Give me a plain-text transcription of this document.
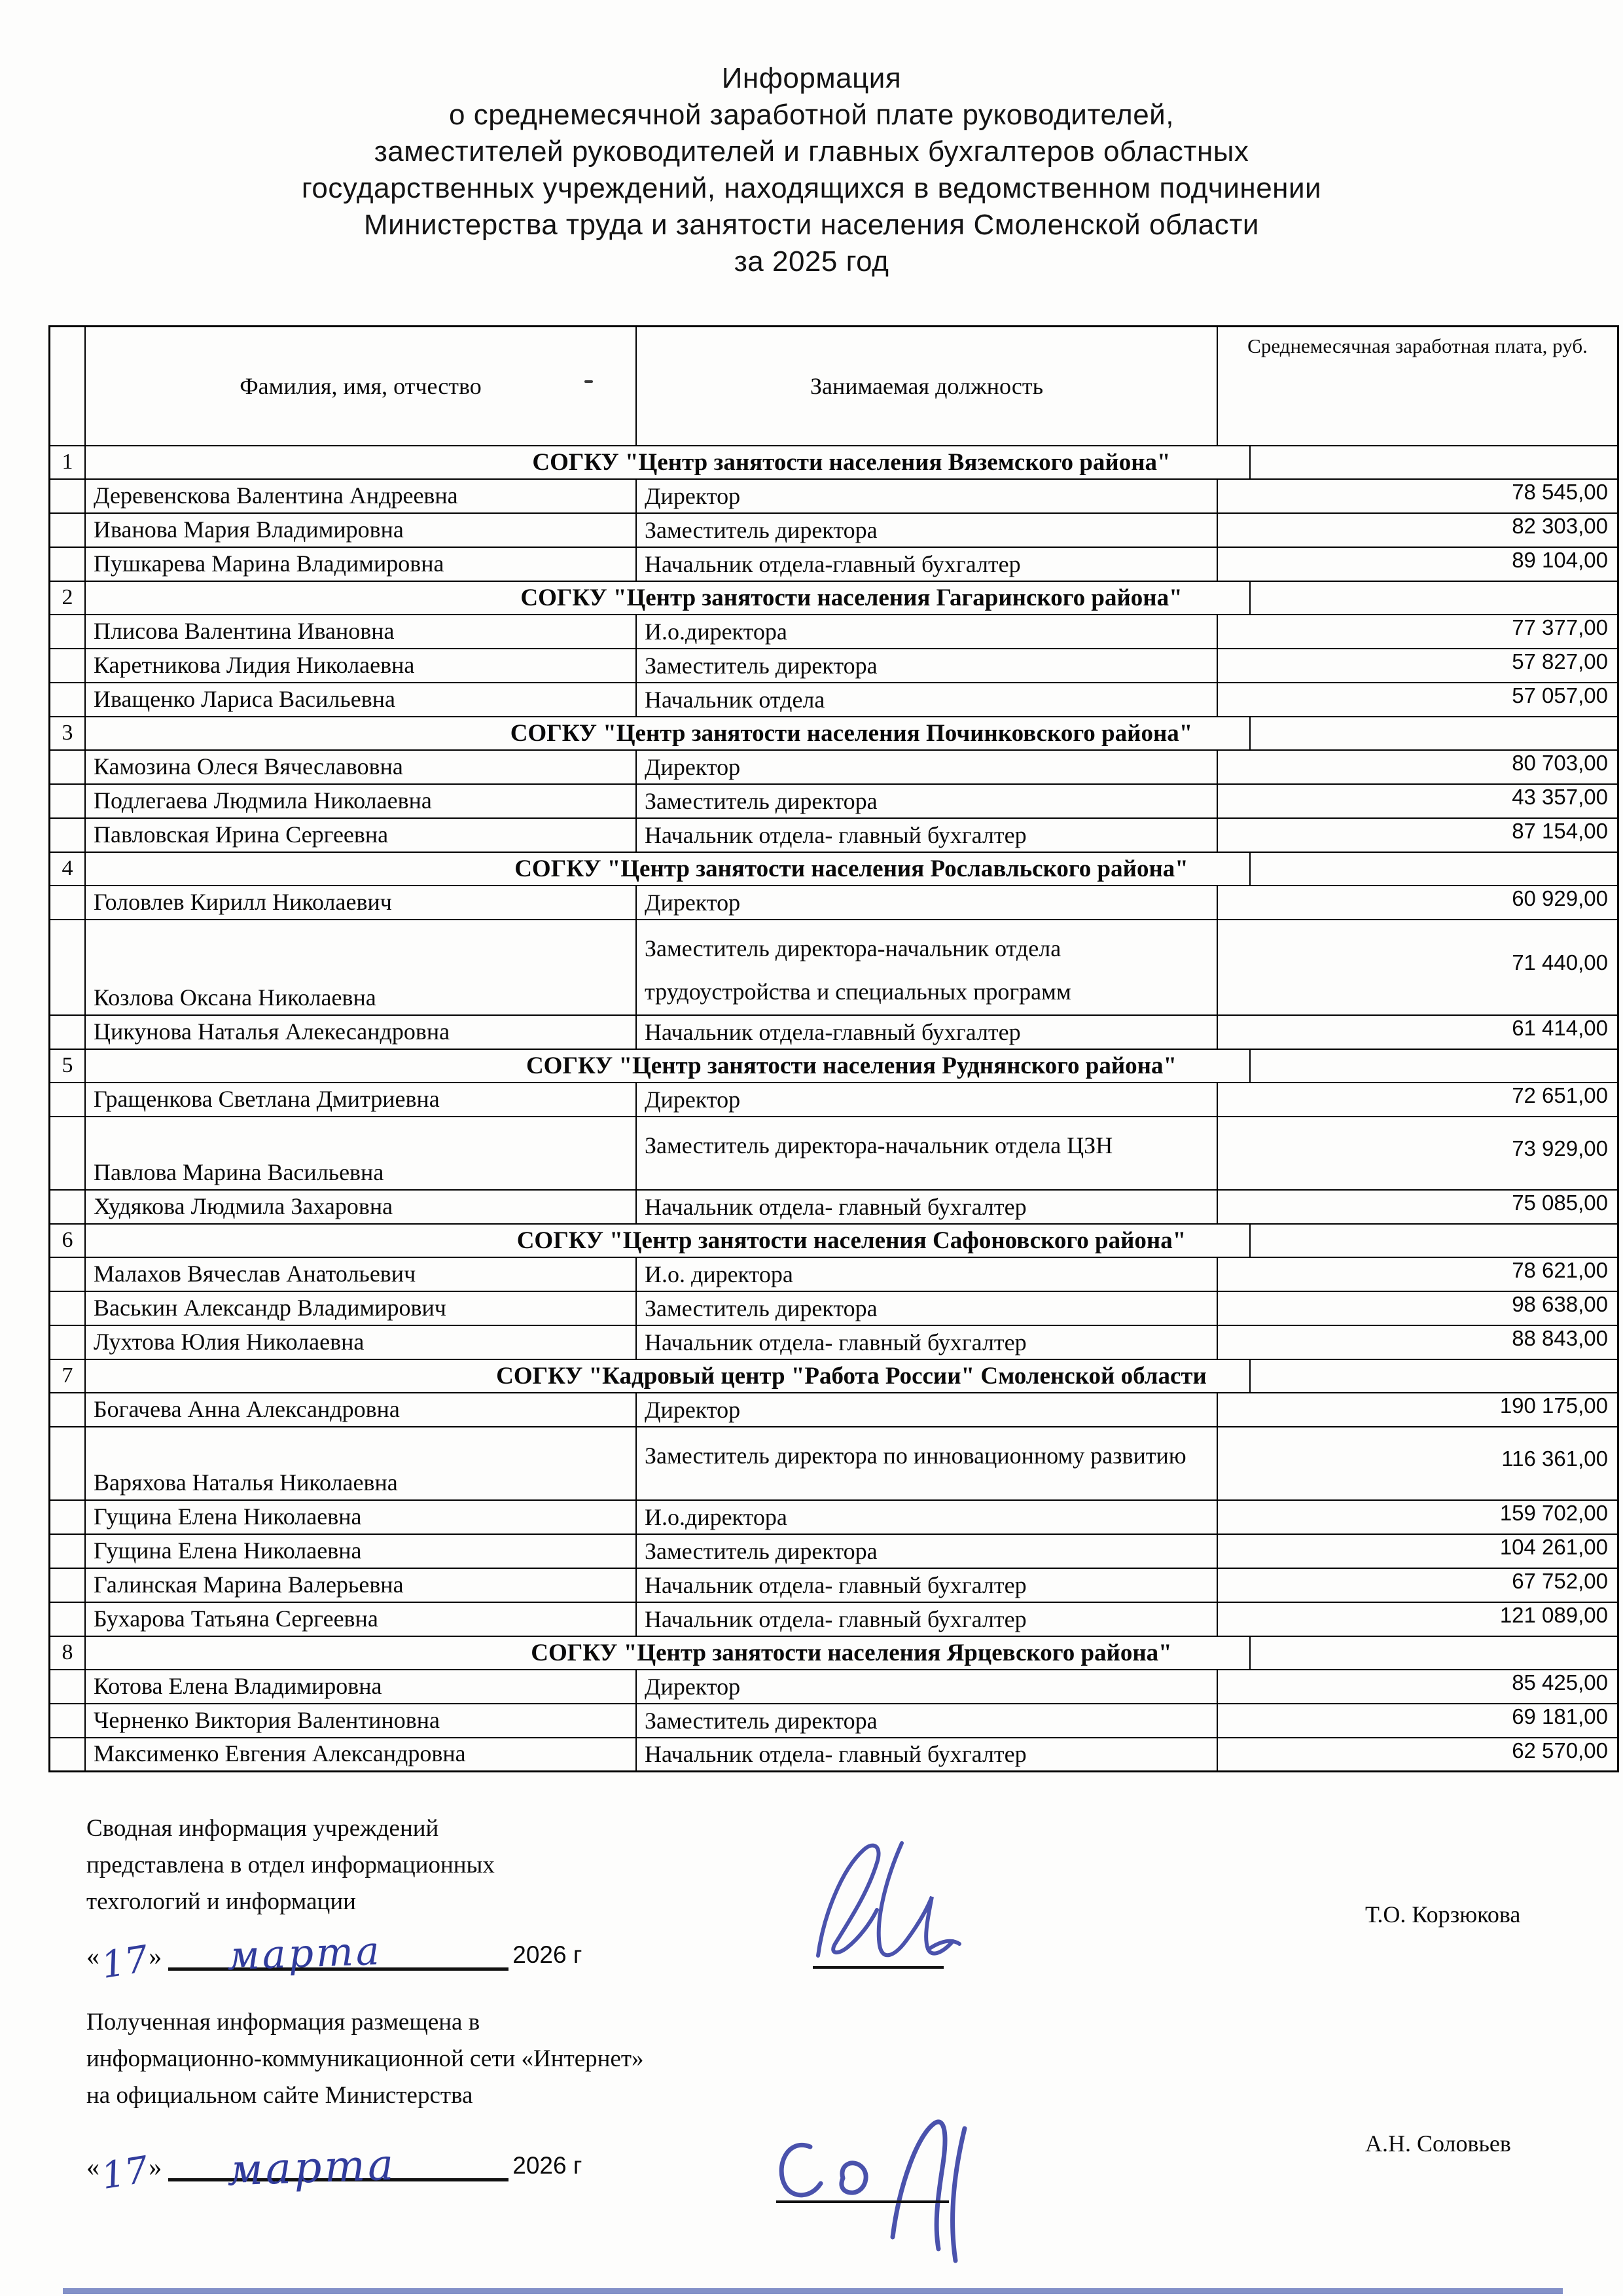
Информация
о среднемесячной заработной плате руководителей,
заместителей руководителей и главных бухгалтеров областных
государственных учреждений, находящихся в ведомственном подчинении
Министерства труда и занятости населения Смоленской области
за 2025 год
	Фамилия, имя, отчество	Занимаемая должность	Среднемесячная заработная плата, руб.
1	СОГКУ "Центр занятости населения Вяземского района"		
	Деревенскова Валентина Андреевна	Директор	78 545,00
	Иванова Мария Владимировна	Заместитель директора	82 303,00
	Пушкарева Марина Владимировна	Начальник отдела-главный бухгалтер	89 104,00
2	СОГКУ "Центр занятости населения Гагаринского района"		
	Плисова Валентина Ивановна	И.о.директора	77 377,00
	Каретникова Лидия Николаевна	Заместитель директора	57 827,00
	Иващенко Лариса Васильевна	Начальник отдела	57 057,00
3	СОГКУ "Центр занятости населения Починковского района"		
	Камозина Олеся Вячеславовна	Директор	80 703,00
	Подлегаева Людмила Николаевна	Заместитель директора	43 357,00
	Павловская Ирина Сергеевна	Начальник отдела- главный бухгалтер	87 154,00
4	СОГКУ "Центр занятости населения Рославльского района"		
	Головлев Кирилл Николаевич	Директор	60 929,00
	Козлова Оксана Николаевна	Заместитель директора-начальник отдела трудоустройства и специальных программ	71 440,00
	Цикунова Наталья Алекесандровна	Начальник отдела-главный бухгалтер	61 414,00
5	СОГКУ "Центр занятости населения Руднянского района"		
	Гращенкова Светлана Дмитриевна	Директор	72 651,00
	Павлова Марина Васильевна	Заместитель директора-начальник отдела ЦЗН	73 929,00
	Худякова Людмила Захаровна	Начальник отдела- главный бухгалтер	75 085,00
6	СОГКУ "Центр занятости населения Сафоновского района"		
	Малахов Вячеслав Анатольевич	И.о. директора	78 621,00
	Васькин Александр Владимирович	Заместитель директора	98 638,00
	Лухтова Юлия Николаевна	Начальник отдела- главный бухгалтер	88 843,00
7	СОГКУ "Кадровый центр "Работа России" Смоленской области		
	Богачева Анна Александровна	Директор	190 175,00
	Варяхова Наталья Николаевна	Заместитель директора по инновационному развитию	116 361,00
	Гущина Елена Николаевна	И.о.директора	159 702,00
	Гущина Елена Николаевна	Заместитель директора	104 261,00
	Галинская Марина Валерьевна	Начальник отдела- главный бухгалтер	67 752,00
	Бухарова Татьяна Сергеевна	Начальник отдела- главный бухгалтер	121 089,00
8	СОГКУ "Центр занятости населения Ярцевского района"		
	Котова Елена Владимировна	Директор	85 425,00
	Черненко Виктория Валентиновна	Заместитель директора	69 181,00
	Максименко Евгения Александровна	Начальник отдела- главный бухгалтер	62 570,00
Сводная информация учреждений
представлена в отдел информационных
техгологий и информации
«
17
» марта	2026 г
Т.О. Корзюкова
Полученная информация размещена в
информационно-коммуникационной сети «Интернет»
на официальном сайте Министерства
«
17
» марта	2026 г
А.Н. Соловьев
